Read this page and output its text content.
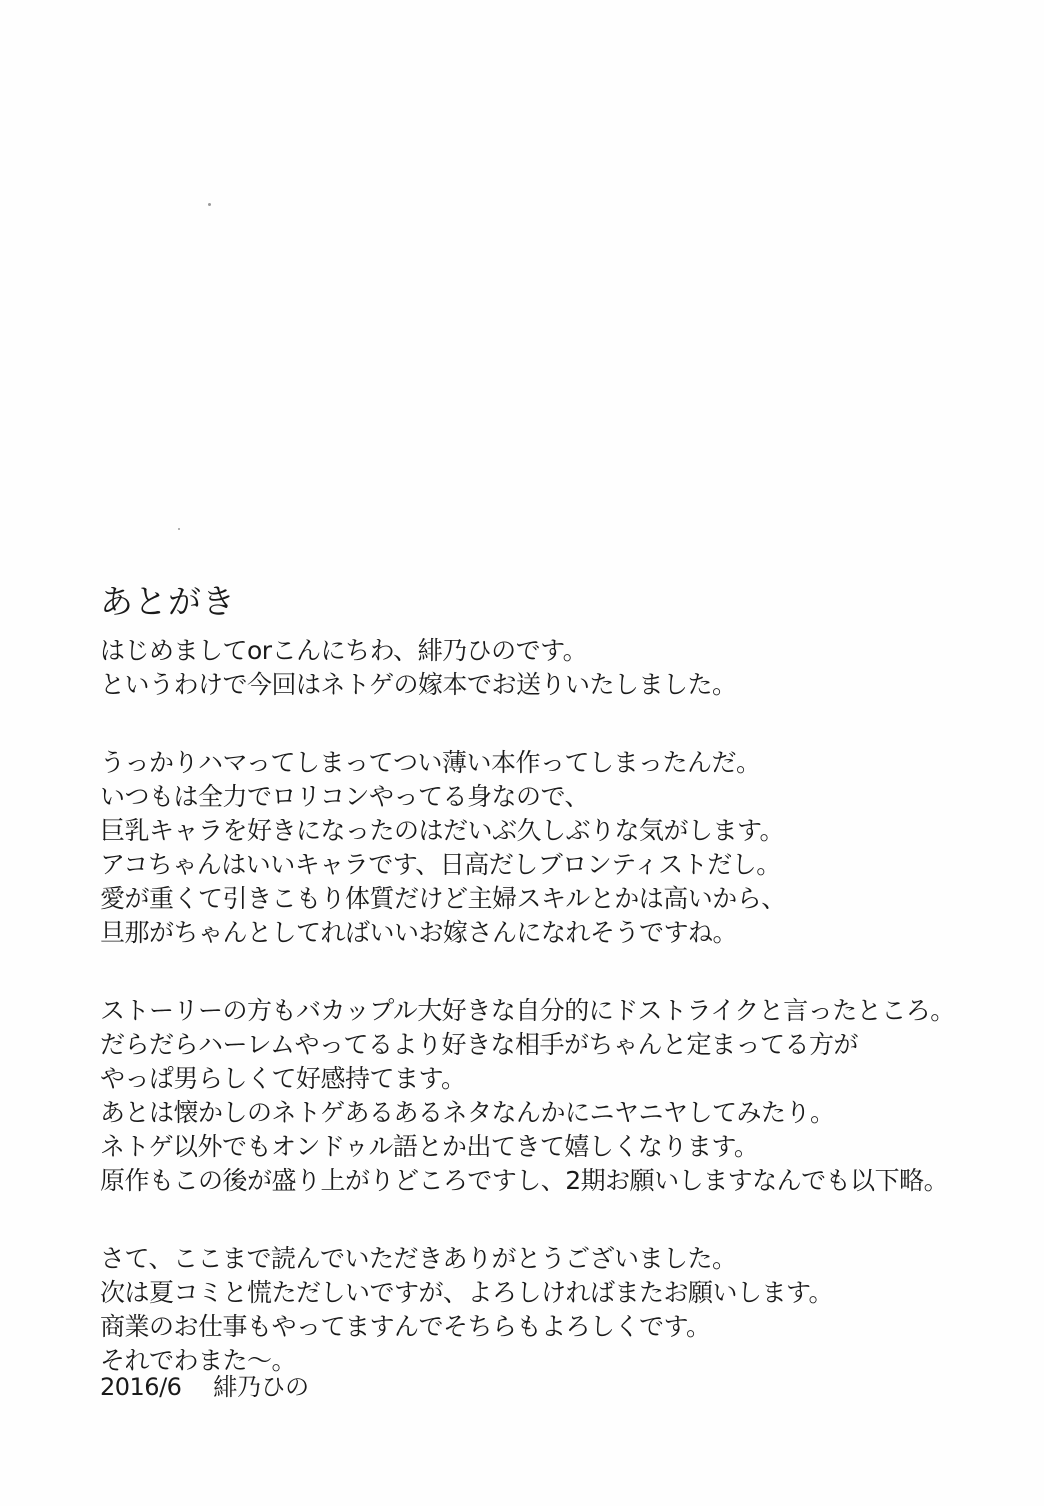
あとがき
はじめましてorこんにちわ、緋乃ひのです。
というわけで今回はネトゲの嫁本でお送りいたしました。
うっかりハマってしまってつい薄い本作ってしまったんだ。
いつもは全力でロリコンやってる身なので、
巨乳キャラを好きになったのはだいぶ久しぶりな気がします。
アコちゃんはいいキャラです、日高だしブロンティストだし。
愛が重くて引きこもり体質だけど主婦スキルとかは高いから、
旦那がちゃんとしてればいいお嫁さんになれそうですね。
ストーリーの方もバカップル大好きな自分的にドストライクと言ったところ。
だらだらハーレムやってるより好きな相手がちゃんと定まってる方が
やっぱ男らしくて好感持てます。
あとは懐かしのネトゲあるあるネタなんかにニヤニヤしてみたり。
ネトゲ以外でもオンドゥル語とか出てきて嬉しくなります。
原作もこの後が盛り上がりどころですし、2期お願いしますなんでも以下略。
さて、ここまで読んでいただきありがとうございました。
次は夏コミと慌ただしいですが、よろしければまたお願いします。
商業のお仕事もやってますんでそちらもよろしくです。
それでわまた～。
2016/6 緋乃ひの
